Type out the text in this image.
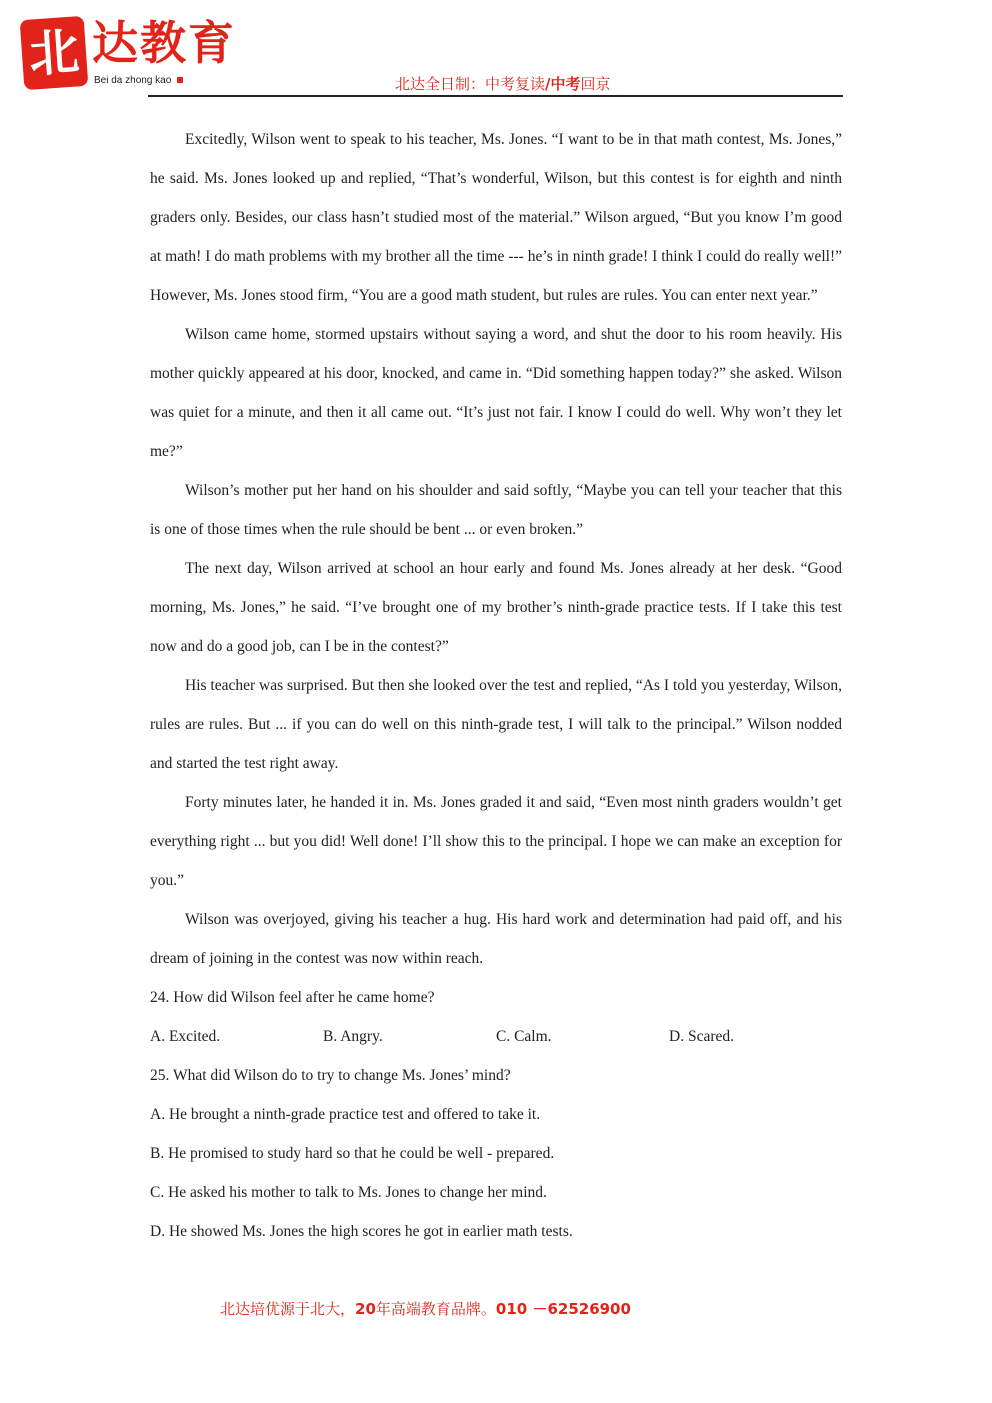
北 达教育
Bei da zhong kao	北达全日制：中考复读/中考回京

Excitedly, Wilson went to speak to his teacher, Ms. Jones. “I want to be in that math contest, Ms. Jones,” he said. Ms. Jones looked up and replied, “That’s wonderful, Wilson, but this contest is for eighth and ninth graders only. Besides, our class hasn’t studied most of the material.” Wilson argued, “But you know I’m good at math! I do math problems with my brother all the time --- he’s in ninth grade! I think I could do really well!” However, Ms. Jones stood firm, “You are a good math student, but rules are rules. You can enter next year.”

Wilson came home, stormed upstairs without saying a word, and shut the door to his room heavily. His mother quickly appeared at his door, knocked, and came in. “Did something happen today?” she asked. Wilson was quiet for a minute, and then it all came out. “It’s just not fair. I know I could do well. Why won’t they let me?”

Wilson’s mother put her hand on his shoulder and said softly, “Maybe you can tell your teacher that this is one of those times when the rule should be bent ... or even broken.”

The next day, Wilson arrived at school an hour early and found Ms. Jones already at her desk. “Good morning, Ms. Jones,” he said. “I’ve brought one of my brother’s ninth-grade practice tests. If I take this test now and do a good job, can I be in the contest?”

His teacher was surprised. But then she looked over the test and replied, “As I told you yesterday, Wilson, rules are rules. But ... if you can do well on this ninth-grade test, I will talk to the principal.” Wilson nodded and started the test right away.

Forty minutes later, he handed it in. Ms. Jones graded it and said, “Even most ninth graders wouldn’t get everything right ... but you did! Well done! I’ll show this to the principal. I hope we can make an exception for you.”

Wilson was overjoyed, giving his teacher a hug. His hard work and determination had paid off, and his dream of joining in the contest was now within reach.

24. How did Wilson feel after he came home?

A. Excited.	B. Angry.	C. Calm.	D. Scared.

25. What did Wilson do to try to change Ms. Jones’ mind?

A. He brought a ninth-grade practice test and offered to take it.

B. He promised to study hard so that he could be well - prepared.

C. He asked his mother to talk to Ms. Jones to change her mind.

D. He showed Ms. Jones the high scores he got in earlier math tests.

北达培优源于北大，20年高端教育品牌。010 －62526900
